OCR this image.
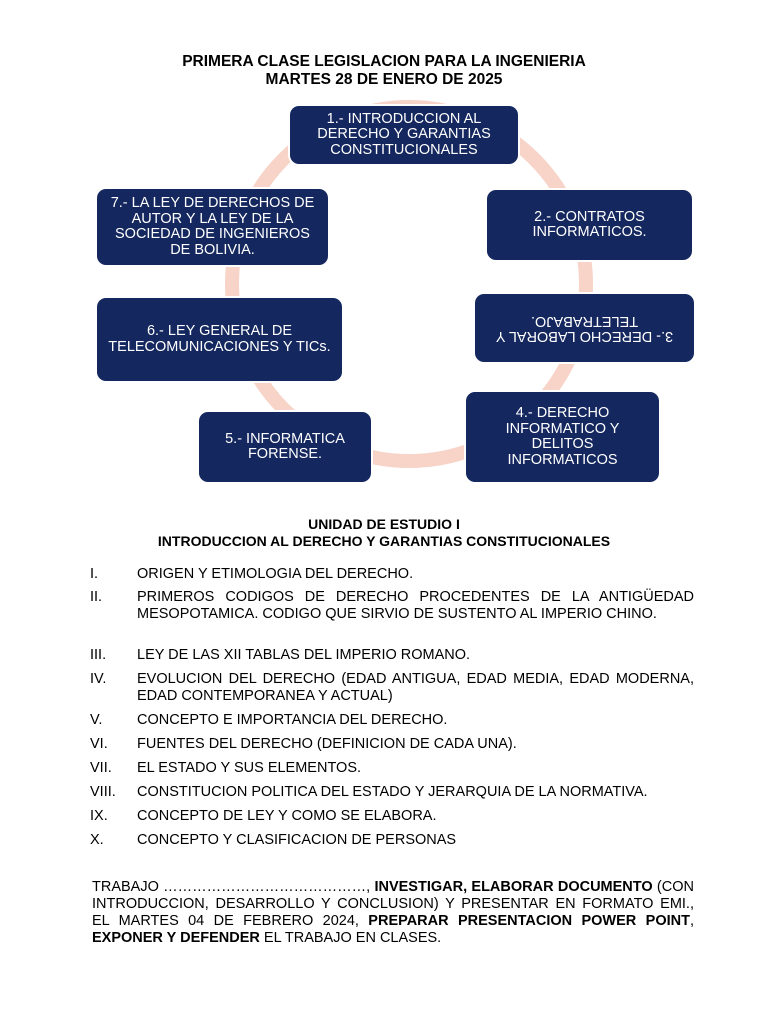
PRIMERA CLASE LEGISLACION PARA LA INGENIERIA
MARTES 28 DE ENERO DE 2025
1.- INTRODUCCION AL DERECHO Y GARANTIAS CONSTITUCIONALES
2.- CONTRATOS INFORMATICOS.
3.- DERECHO LABORAL Y TELETRABAJO.
4.- DERECHO INFORMATICO Y DELITOS INFORMATICOS
5.- INFORMATICA FORENSE.
6.- LEY GENERAL DE TELECOMUNICACIONES Y TICs.
7.- LA LEY DE DERECHOS DE AUTOR Y LA LEY DE LA SOCIEDAD DE INGENIEROS DE BOLIVIA.
UNIDAD DE ESTUDIO I
INTRODUCCION AL DERECHO Y GARANTIAS CONSTITUCIONALES
I.	ORIGEN Y ETIMOLOGIA DEL DERECHO.
II. PRIMEROS CODIGOS DE DERECHO PROCEDENTES DE LA ANTIGÜEDAD MESOPOTAMICA. CODIGO QUE SIRVIO DE SUSTENTO AL IMPERIO CHINO.
III. LEY DE LAS XII TABLAS DEL IMPERIO ROMANO.
IV. EVOLUCION DEL DERECHO (EDAD ANTIGUA, EDAD MEDIA, EDAD MODERNA, EDAD CONTEMPORANEA Y ACTUAL)
V. CONCEPTO E IMPORTANCIA DEL DERECHO.
VI. FUENTES DEL DERECHO (DEFINICION DE CADA UNA).
VII. EL ESTADO Y SUS ELEMENTOS.
VIII. CONSTITUCION POLITICA DEL ESTADO Y JERARQUIA DE LA NORMATIVA.
IX. CONCEPTO DE LEY Y COMO SE ELABORA.
X. CONCEPTO Y CLASIFICACION DE PERSONAS
TRABAJO ……………………………………, INVESTIGAR, ELABORAR DOCUMENTO (CON INTRODUCCION, DESARROLLO Y CONCLUSION) Y PRESENTAR EN FORMATO EMI., EL MARTES 04 DE FEBRERO 2024, PREPARAR PRESENTACION POWER POINT, EXPONER Y DEFENDER EL TRABAJO EN CLASES.
